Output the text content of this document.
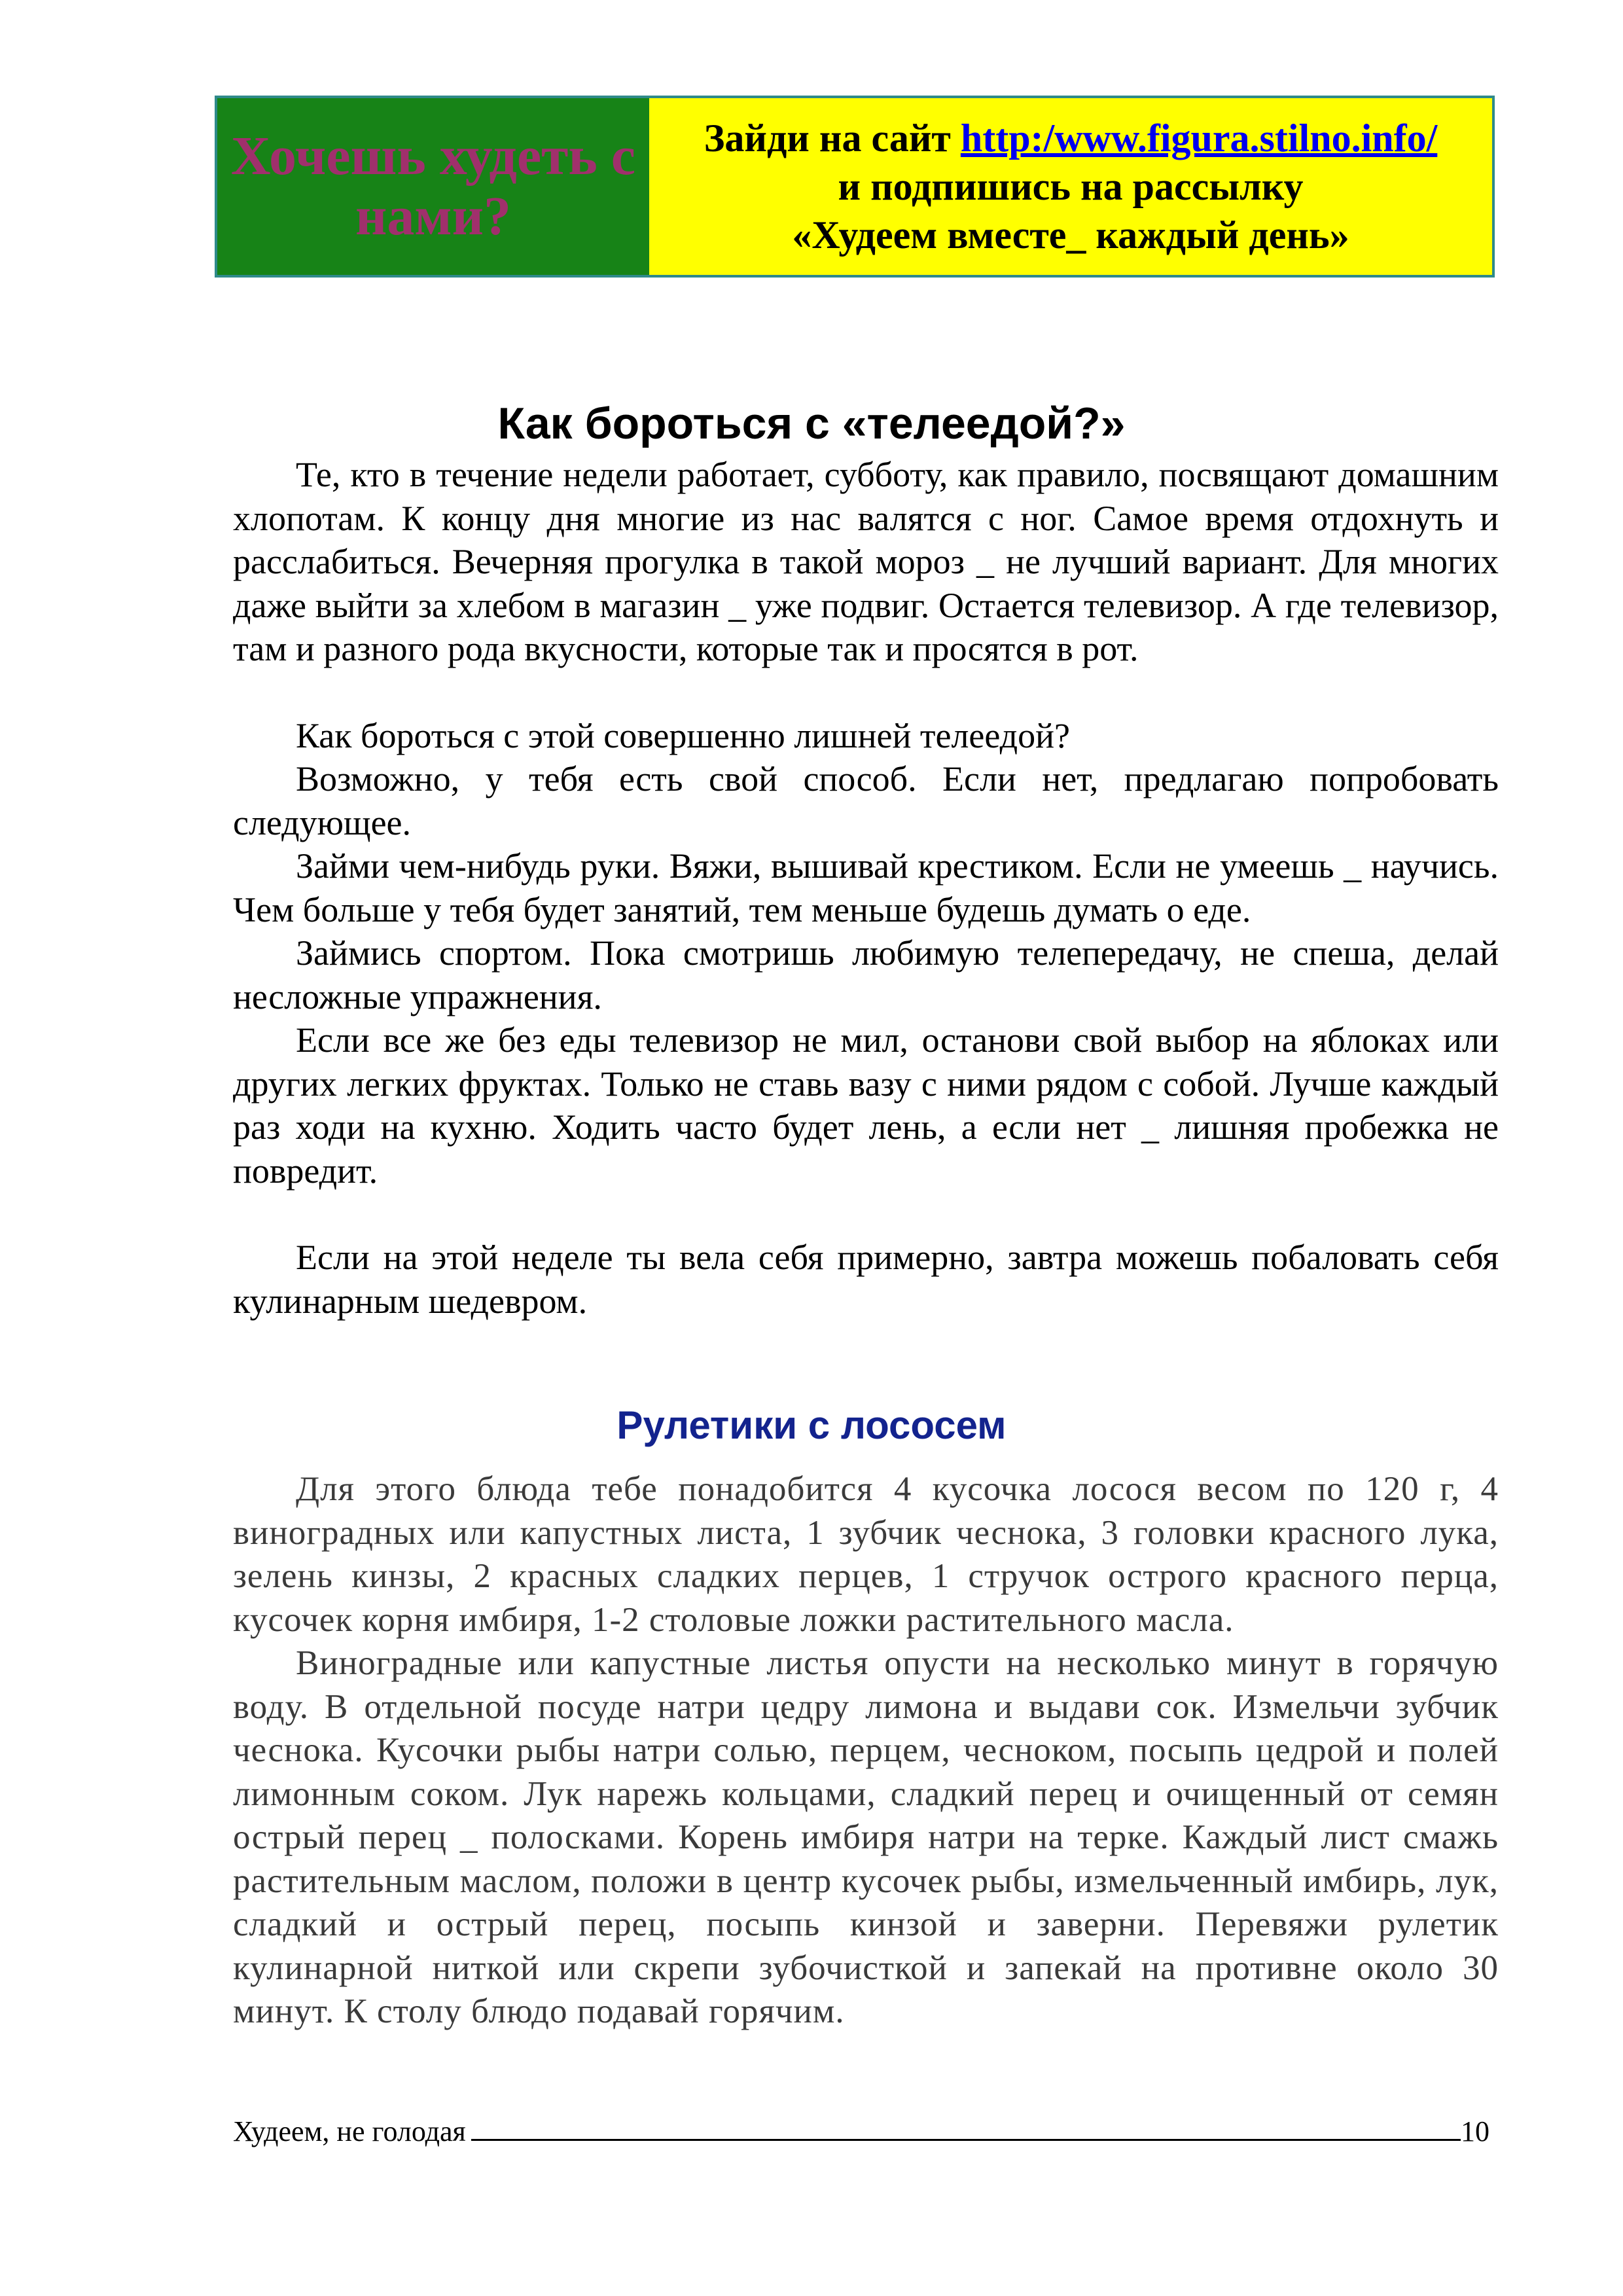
Хочешь худеть с нами?
Зайди на сайт http:/www.figura.stilno.info/
и подпишись на рассылку
«Худеем вместе_ каждый день»
Как бороться с «телеедой?»

Те, кто в течение недели работает, субботу, как правило, посвящают домашним хлопотам. К концу дня многие из нас валятся с ног. Самое время отдохнуть и расслабиться. Вечерняя прогулка в такой мороз _ не лучший вариант. Для многих даже выйти за хлебом в магазин _ уже подвиг. Остается телевизор. А где телевизор, там и разного рода вкусности, которые так и просятся в рот.

Как бороться с этой совершенно лишней телеедой?

Возможно, у тебя есть свой способ. Если нет, предлагаю попробовать следующее.

Займи чем-нибудь руки. Вяжи, вышивай крестиком. Если не умеешь _ научись. Чем больше у тебя будет занятий, тем меньше будешь думать о еде.

Займись спортом. Пока смотришь любимую телепередачу, не спеша, делай несложные упражнения.

Если все же без еды телевизор не мил, останови свой выбор на яблоках или других легких фруктах. Только не ставь вазу с ними рядом с собой. Лучше каждый раз ходи на кухню. Ходить часто будет лень, а если нет _ лишняя пробежка не повредит.

Если на этой неделе ты вела себя примерно, завтра можешь побаловать себя кулинарным шедевром.

Рулетики с лососем

Для этого блюда тебе понадобится 4 кусочка лосося весом по 120 г, 4 виноградных или капустных листа, 1 зубчик чеснока, 3 головки красного лука, зелень кинзы, 2 красных сладких перцев, 1 стручок острого красного перца, кусочек корня имбиря, 1-2 столовые ложки растительного масла.

Виноградные или капустные листья опусти на несколько минут в горячую воду. В отдельной посуде натри цедру лимона и выдави сок. Измельчи зубчик чеснока. Кусочки рыбы натри солью, перцем, чесноком, посыпь цедрой и полей лимонным соком. Лук нарежь кольцами, сладкий перец и очищенный от семян острый перец _ полосками. Корень имбиря натри на терке. Каждый лист смажь растительным маслом, положи в центр кусочек рыбы, измельченный имбирь, лук, сладкий и острый перец, посыпь кинзой и заверни. Перевяжи рулетик кулинарной ниткой или скрепи зубочисткой и запекай на противне около 30 минут. К столу блюдо подавай горячим.

Худеем, не голодая	10
